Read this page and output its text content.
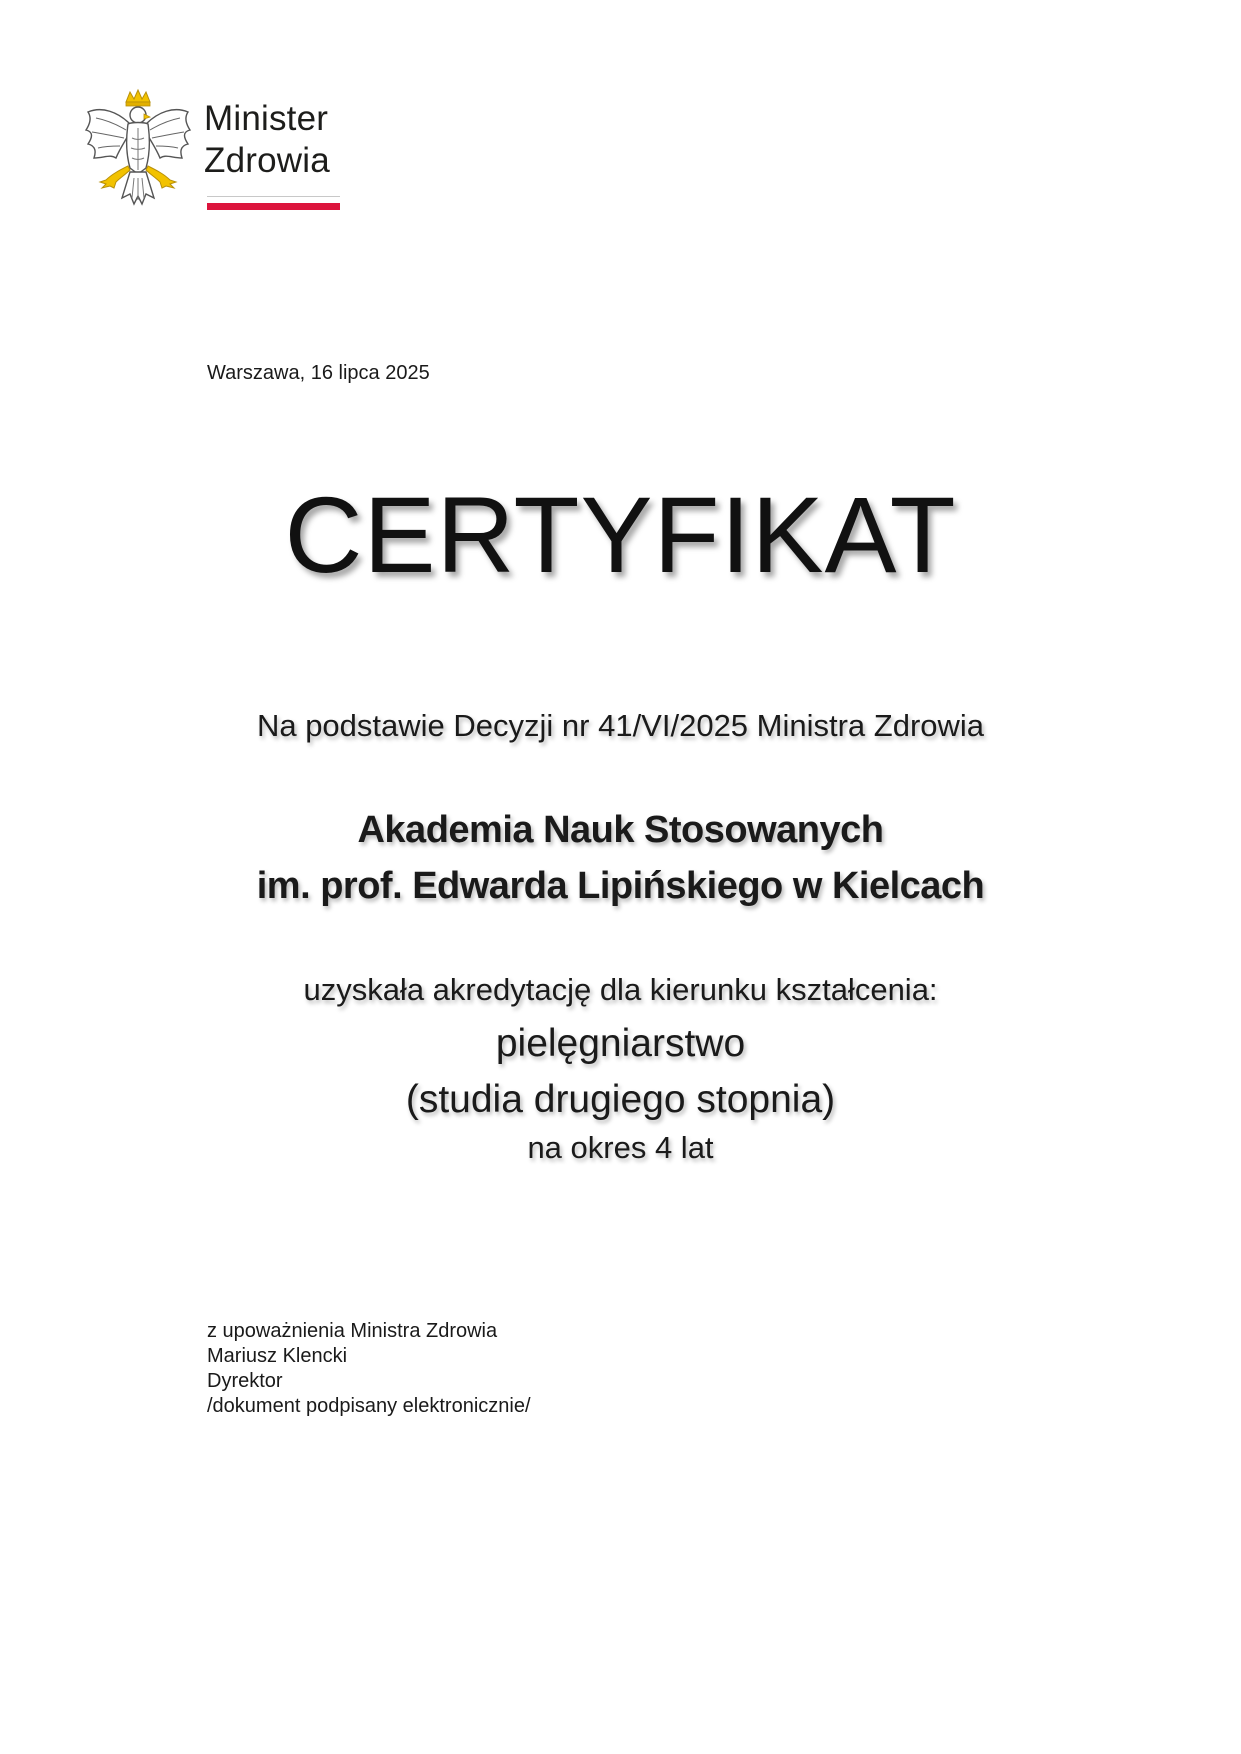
Minister
Zdrowia
Warszawa, 16 lipca 2025
CERTYFIKAT
Na podstawie Decyzji nr 41/VI/2025 Ministra Zdrowia
Akademia Nauk Stosowanych
im. prof. Edwarda Lipińskiego w Kielcach
uzyskała akredytację dla kierunku kształcenia:
pielęgniarstwo
(studia drugiego stopnia)
na okres 4 lat
z upoważnienia Ministra Zdrowia
Mariusz Klencki
Dyrektor
/dokument podpisany elektronicznie/
